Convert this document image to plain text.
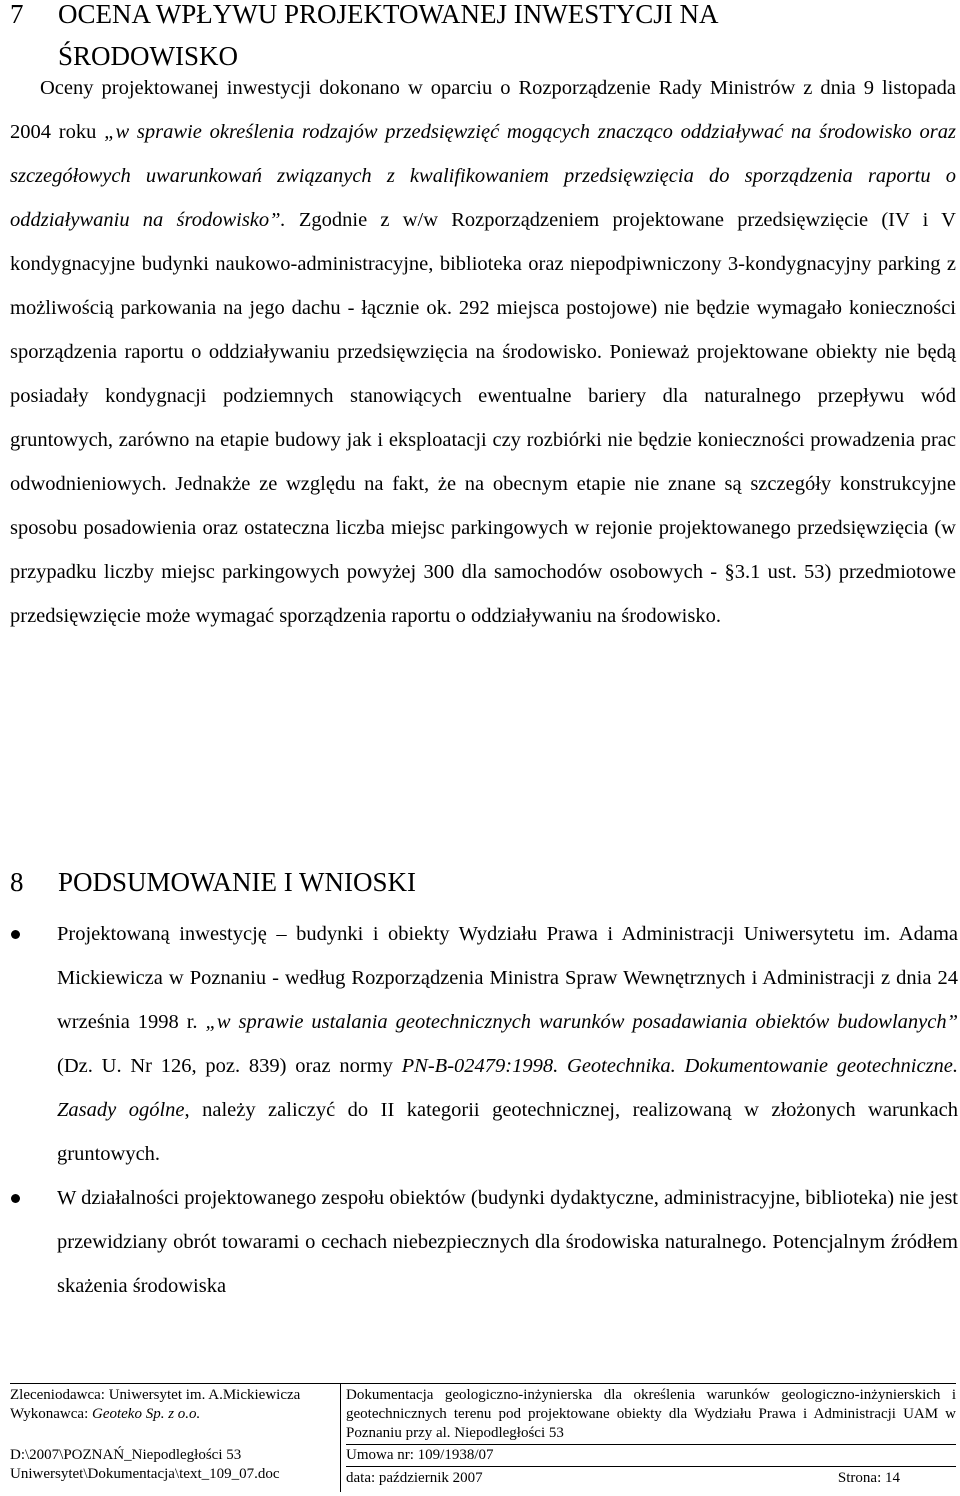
7 OCENA WPŁYWU PROJEKTOWANEJ INWESTYCJI NA
ŚRODOWISKO

Oceny projektowanej inwestycji dokonano w oparciu o Rozporządzenie Rady Ministrów z dnia 9 listopada 2004 roku „w sprawie określenia rodzajów przedsięwzięć mogących znacząco oddziaływać na środowisko oraz szczegółowych uwarunkowań związanych z kwalifikowaniem przedsięwzięcia do sporządzenia raportu o oddziaływaniu na środowisko”. Zgodnie z w/w Rozporządzeniem projektowane przedsięwzięcie (IV i V kondygnacyjne budynki naukowo-administracyjne, biblioteka oraz niepodpiwniczony 3-kondygnacyjny parking z możliwością parkowania na jego dachu - łącznie ok. 292 miejsca postojowe) nie będzie wymagało konieczności sporządzenia raportu o oddziaływaniu przedsięwzięcia na środowisko. Ponieważ projektowane obiekty nie będą posiadały kondygnacji podziemnych stanowiących ewentualne bariery dla naturalnego przepływu wód gruntowych, zarówno na etapie budowy jak i eksploatacji czy rozbiórki nie będzie konieczności prowadzenia prac odwodnieniowych. Jednakże ze względu na fakt, że na obecnym etapie nie znane są szczegóły konstrukcyjne sposobu posadowienia oraz ostateczna liczba miejsc parkingowych w rejonie projektowanego przedsięwzięcia (w przypadku liczby miejsc parkingowych powyżej 300 dla samochodów osobowych - §3.1 ust. 53) przedmiotowe przedsięwzięcie może wymagać sporządzenia raportu o oddziaływaniu na środowisko.

8 PODSUMOWANIE I WNIOSKI
Projektowaną inwestycję – budynki i obiekty Wydziału Prawa i Administracji Uniwersytetu im. Adama Mickiewicza w Poznaniu - według Rozporządzenia Ministra Spraw Wewnętrznych i Administracji z dnia 24 września 1998 r. „w sprawie ustalania geotechnicznych warunków posadawiania obiektów budowlanych” (Dz. U. Nr 126, poz. 839) oraz normy PN-B-02479:1998. Geotechnika. Dokumentowanie geotechniczne. Zasady ogólne, należy zaliczyć do II kategorii geotechnicznej, realizowaną w złożonych warunkach gruntowych.
W działalności projektowanego zespołu obiektów (budynki dydaktyczne, administracyjne, biblioteka) nie jest przewidziany obrót towarami o cechach niebezpiecznych dla środowiska naturalnego. Potencjalnym źródłem skażenia środowiska
Zleceniodawca: Uniwersytet im. A.Mickiewicza
Wykonawca: Geoteko Sp. z o.o.
D:\2007\POZNAŃ_Niepodległości 53
Uniwersytet\Dokumentacja\text_109_07.doc
Dokumentacja geologiczno-inżynierska dla określenia warunków geologiczno-inżynierskich i geotechnicznych terenu pod projektowane obiekty dla Wydziału Prawa i Administracji UAM w Poznaniu przy al. Niepodległości 53
Umowa nr: 109/1938/07
data: październik 2007	Strona: 14
